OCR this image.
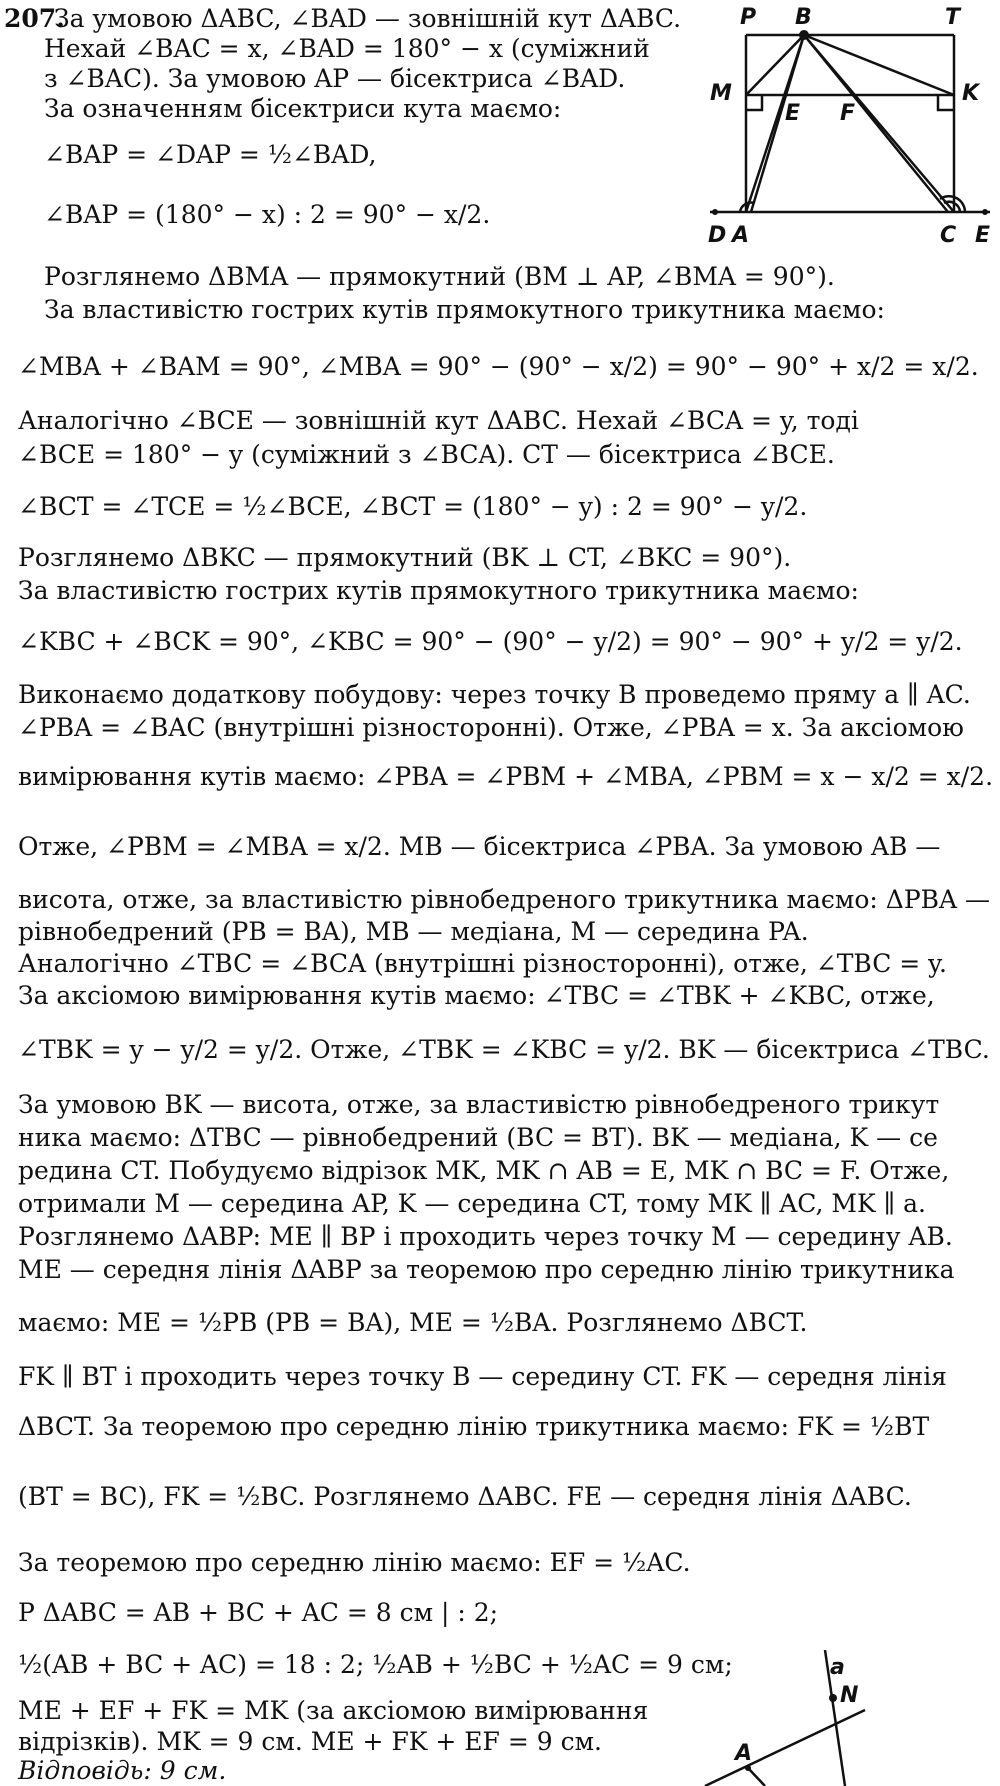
207.
За умовою ΔABC, ∠BAD — зовнішній кут ΔABC.
Нехай ∠BAC = x, ∠BAD = 180° − x (суміжний
з ∠BAC). За умовою AP — бісектриса ∠BAD.
За означенням бісектриси кута маємо:
∠BAP = ∠DAP = ½∠BAD,
∠BAP = (180° − x) : 2 = 90° − x/2.
Розглянемо ΔBMA — прямокутний (BM ⊥ AP, ∠BMA = 90°).
За властивістю гострих кутів прямокутного трикутника маємо:
∠MBA + ∠BAM = 90°, ∠MBA = 90° − (90° − x/2) = 90° − 90° + x/2 = x/2.
Аналогічно ∠BCE — зовнішній кут ΔABC. Нехай ∠BCA = y, тоді
∠BCE = 180° − y (суміжний з ∠BCA). CT — бісектриса ∠BCE.
∠BCT = ∠TCE = ½∠BCE, ∠BCT = (180° − y) : 2 = 90° − y/2.
Розглянемо ΔBKC — прямокутний (BK ⊥ CT, ∠BKC = 90°).
За властивістю гострих кутів прямокутного трикутника маємо:
∠KBC + ∠BCK = 90°, ∠KBC = 90° − (90° − y/2) = 90° − 90° + y/2 = y/2.
Виконаємо додаткову побудову: через точку B проведемо пряму a ∥ AC.
∠PBA = ∠BAC (внутрішні різносторонні). Отже, ∠PBA = x. За аксіомою
вимірювання кутів маємо: ∠PBA = ∠PBM + ∠MBA, ∠PBM = x − x/2 = x/2.
Отже, ∠PBM = ∠MBA = x/2. MB — бісектриса ∠PBA. За умовою AB —
висота, отже, за властивістю рівнобедреного трикутника маємо: ΔPBA —
рівнобедрений (PB = BA), MB — медіана, M — середина PA.
Аналогічно ∠TBC = ∠BCA (внутрішні різносторонні), отже, ∠TBC = y.
За аксіомою вимірювання кутів маємо: ∠TBC = ∠TBK + ∠KBC, отже,
∠TBK = y − y/2 = y/2. Отже, ∠TBK = ∠KBC = y/2. BK — бісектриса ∠TBC.
За умовою BK — висота, отже, за властивістю рівнобедреного трикут
ника маємо: ΔTBC — рівнобедрений (BC = BT). BK — медіана, K — се
редина CT. Побудуємо відрізок MK, MK ∩ AB = E, MK ∩ BC = F. Отже,
отримали M — середина AP, K — середина CT, тому MK ∥ AC, MK ∥ a.
Розглянемо ΔABP: ME ∥ BP і проходить через точку M — середину AB.
ME — середня лінія ΔABP за теоремою про середню лінію трикутника
маємо: ME = ½PB (PB = BA), ME = ½BA. Розглянемо ΔBCT.
FK ∥ BT і проходить через точку B — середину CT. FK — середня лінія
ΔBCT. За теоремою про середню лінію трикутника маємо: FK = ½BT
(BT = BC), FK = ½BC. Розглянемо ΔABC. FE — середня лінія ΔABC.
За теоремою про середню лінію маємо: EF = ½AC.
P ΔABC = AB + BC + AC = 8 см | : 2;
½(AB + BC + AC) = 18 : 2; ½AB + ½BC + ½AC = 9 см;
ME + EF + FK = MK (за аксіомою вимірювання
відрізків). MK = 9 см. ME + FK + EF = 9 см.
Відповідь: 9 см.
P B	T
M
E F
K
D A	C E
a
N
A
